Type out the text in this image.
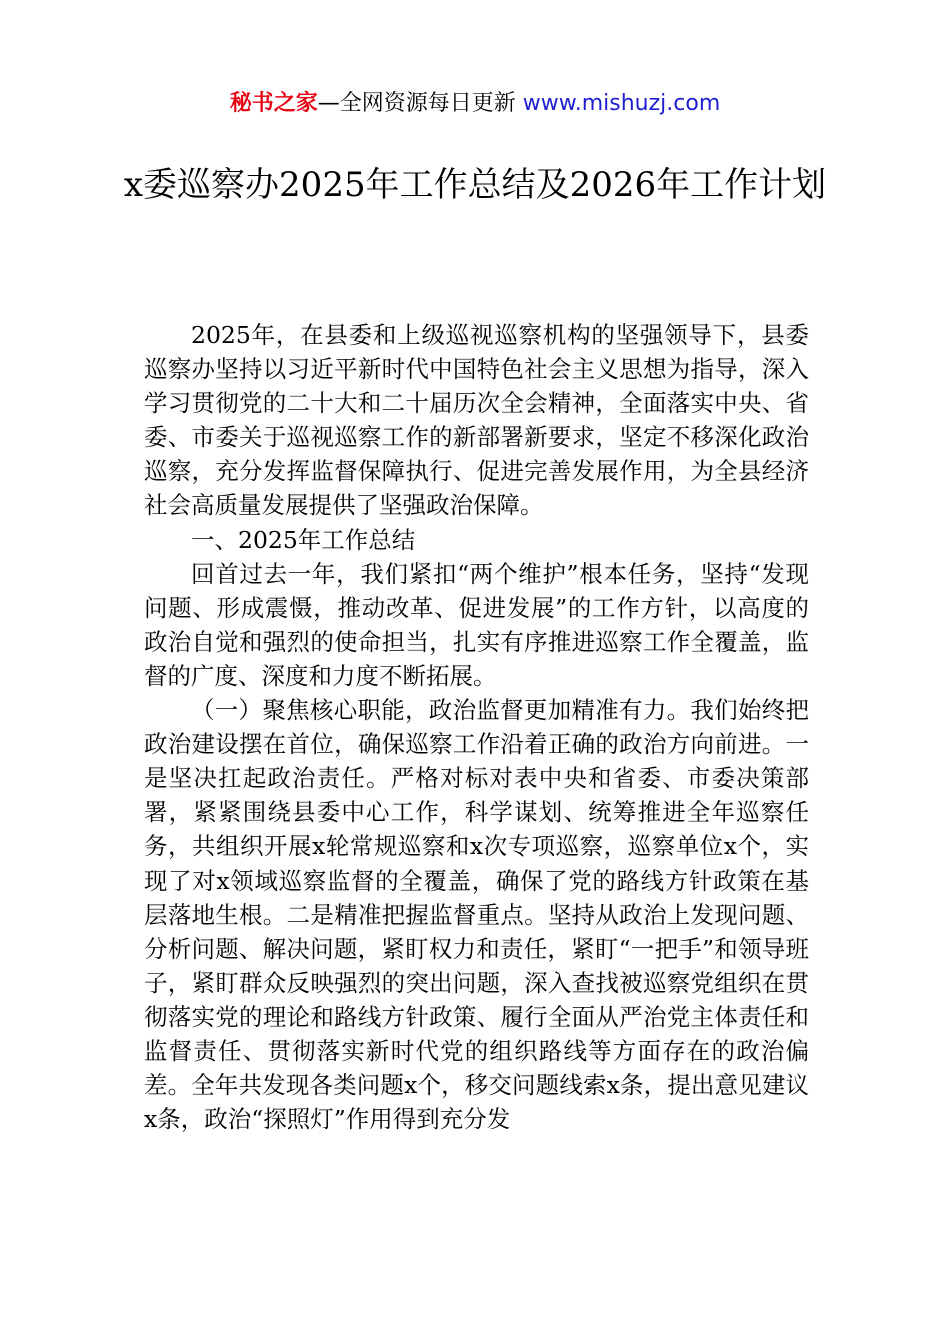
秘书之家—全网资源每日更新 www.mishuzj.com
x委巡察办2025年工作总结及2026年工作计划

2025年，在县委和上级巡视巡察机构的坚强领导下，县委巡察办坚持以习近平新时代中国特色社会主义思想为指导，深入学习贯彻党的二十大和二十届历次全会精神，全面落实中央、省委、市委关于巡视巡察工作的新部署新要求，坚定不移深化政治巡察，充分发挥监督保障执行、促进完善发展作用，为全县经济社会高质量发展提供了坚强政治保障。

一、2025年工作总结

回首过去一年，我们紧扣“两个维护”根本任务，坚持“发现问题、形成震慑，推动改革、促进发展”的工作方针，以高度的政治自觉和强烈的使命担当，扎实有序推进巡察工作全覆盖，监督的广度、深度和力度不断拓展。

（一）聚焦核心职能，政治监督更加精准有力。我们始终把政治建设摆在首位，确保巡察工作沿着正确的政治方向前进。一是坚决扛起政治责任。严格对标对表中央和省委、市委决策部署，紧紧围绕县委中心工作，科学谋划、统筹推进全年巡察任务，共组织开展x轮常规巡察和x次专项巡察，巡察单位x个，实现了对x领域巡察监督的全覆盖，确保了党的路线方针政策在基层落地生根。二是精准把握监督重点。坚持从政治上发现问题、分析问题、解决问题，紧盯权力和责任，紧盯“一把手”和领导班子，紧盯群众反映强烈的突出问题，深入查找被巡察党组织在贯彻落实党的理论和路线方针政策、履行全面从严治党主体责任和监督责任、贯彻落实新时代党的组织路线等方面存在的政治偏差。全年共发现各类问题x个，移交问题线索x条，提出意见建议x条，政治“探照灯”作用得到充分发
